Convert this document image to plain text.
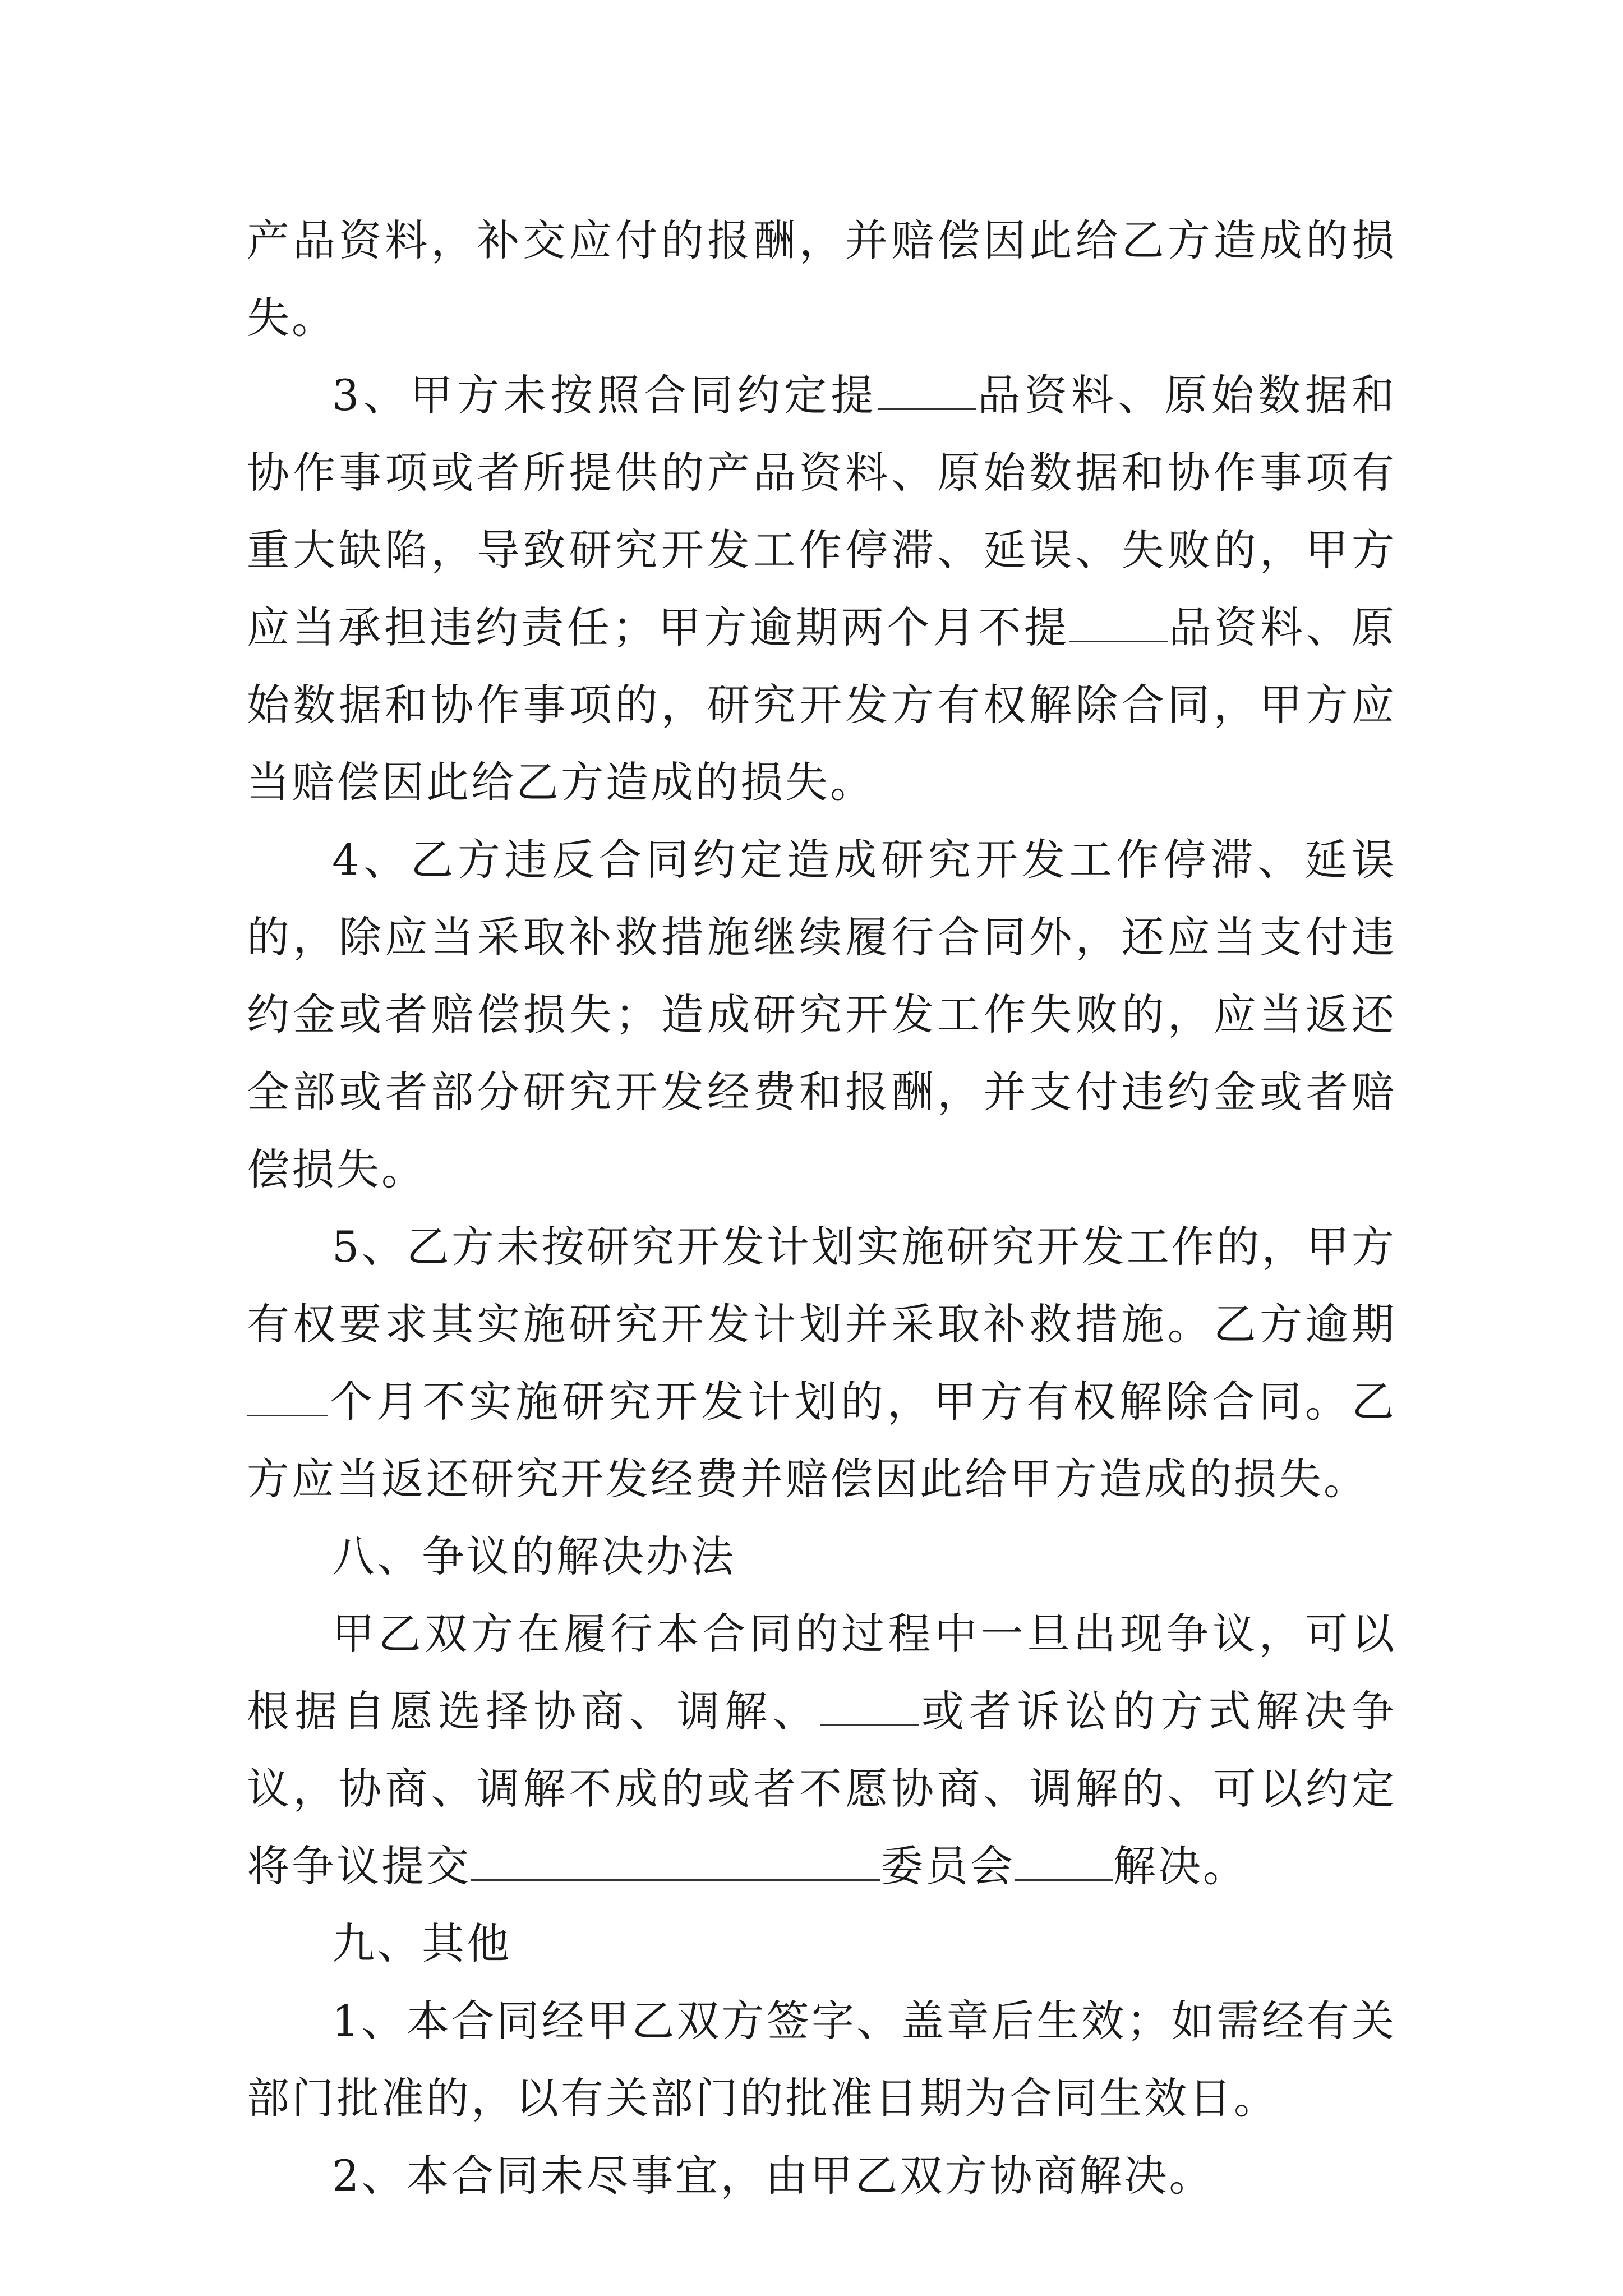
产品资料，补交应付的报酬，并赔偿因此给乙方造成的损失。

3、甲方未按照合同约定提 品资料、原始数据和协作事项或者所提供的产品资料、原始数据和协作事项有重大缺陷，导致研究开发工作停滞、延误、失败的，甲方应当承担违约责任；甲方逾期两个月不提 品资料、原始数据和协作事项的，研究开发方有权解除合同，甲方应当赔偿因此给乙方造成的损失。

4、乙方违反合同约定造成研究开发工作停滞、延误的，除应当采取补救措施继续履行合同外，还应当支付违约金或者赔偿损失；造成研究开发工作失败的，应当返还全部或者部分研究开发经费和报酬，并支付违约金或者赔偿损失。

5、乙方未按研究开发计划实施研究开发工作的，甲方有权要求其实施研究开发计划并采取补救措施。乙方逾期个月不实施研究开发计划的，甲方有权解除合同。乙方应当返还研究开发经费并赔偿因此给甲方造成的损失。

八、争议的解决办法

甲乙双方在履行本合同的过程中一旦出现争议，可以根据自愿选择协商、调解、 或者诉讼的方式解决争议，协商、调解不成的或者不愿协商、调解的、可以约定将争议提交	委员会 解决。

九、其他

1、本合同经甲乙双方签字、盖章后生效；如需经有关部门批准的，以有关部门的批准日期为合同生效日。

2、本合同未尽事宜，由甲乙双方协商解决。
